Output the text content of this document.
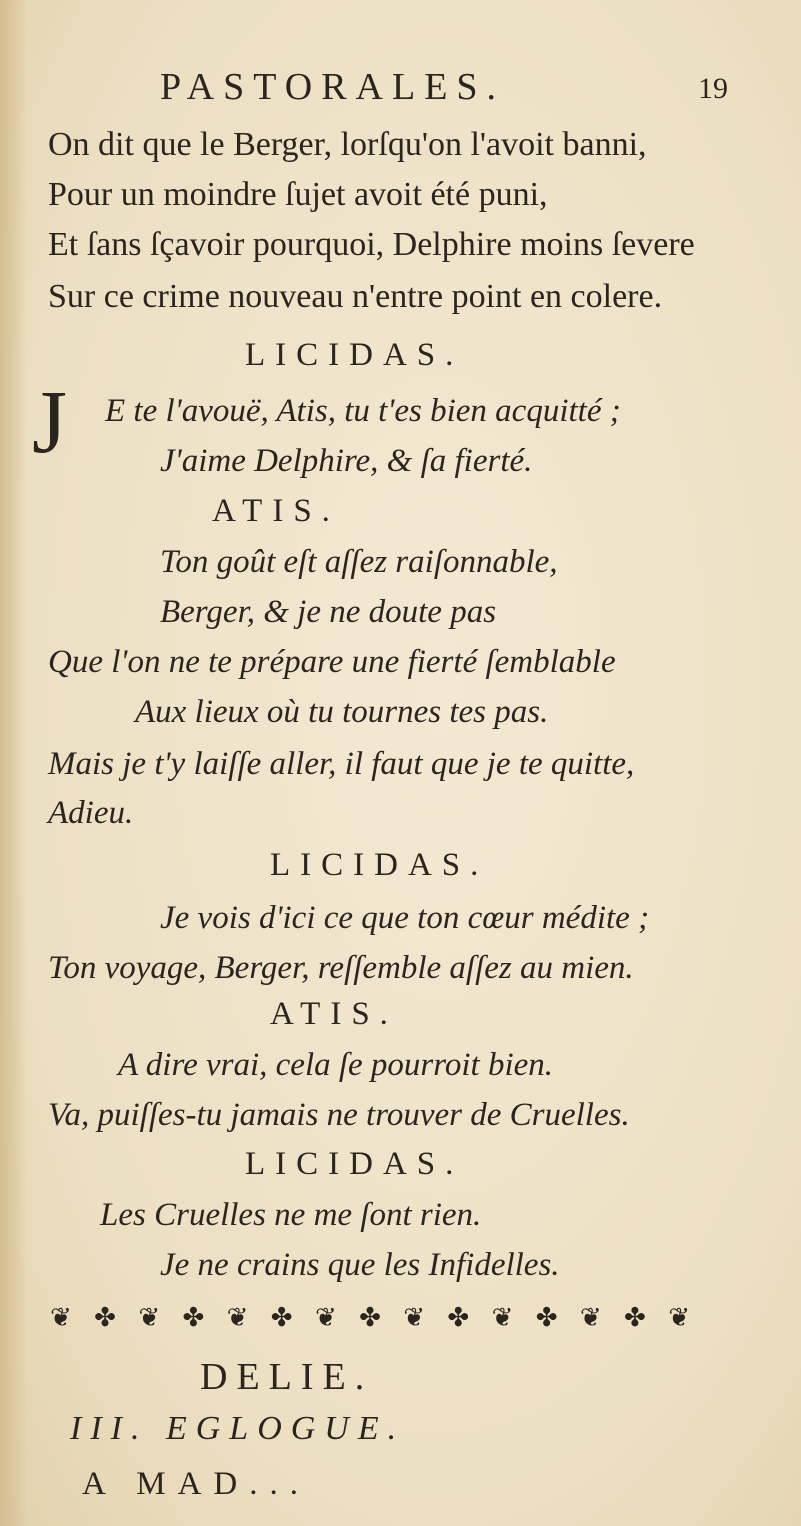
PASTORALES.	19
On dit que le Berger, lorſqu'on l'avoit banni,
Pour un moindre ſujet avoit été puni,
Et ſans ſçavoir pourquoi, Delphire moins ſevere
Sur ce crime nouveau n'entre point en colere.
LICIDAS.
J E te l'avouë, Atis, tu t'es bien acquitté ;
J'aime Delphire, & ſa fierté.
ATIS.
Ton goût eſt aſſez raiſonnable,
Berger, & je ne doute pas
Que l'on ne te prépare une fierté ſemblable
Aux lieux où tu tournes tes pas.
Mais je t'y laiſſe aller, il faut que je te quitte,
Adieu.
LICIDAS.
Je vois d'ici ce que ton cœur médite ;
Ton voyage, Berger, reſſemble aſſez au mien.
ATIS.
A dire vrai, cela ſe pourroit bien.
Va, puiſſes-tu jamais ne trouver de Cruelles.
LICIDAS.
Les Cruelles ne me ſont rien.
Je ne crains que les Infidelles.
❦ ✤ ❦ ✤ ❦ ✤ ❦ ✤ ❦ ✤ ❦ ✤ ❦ ✤ ❦
DELIE.
III. EGLOGUE.
A MAD...
